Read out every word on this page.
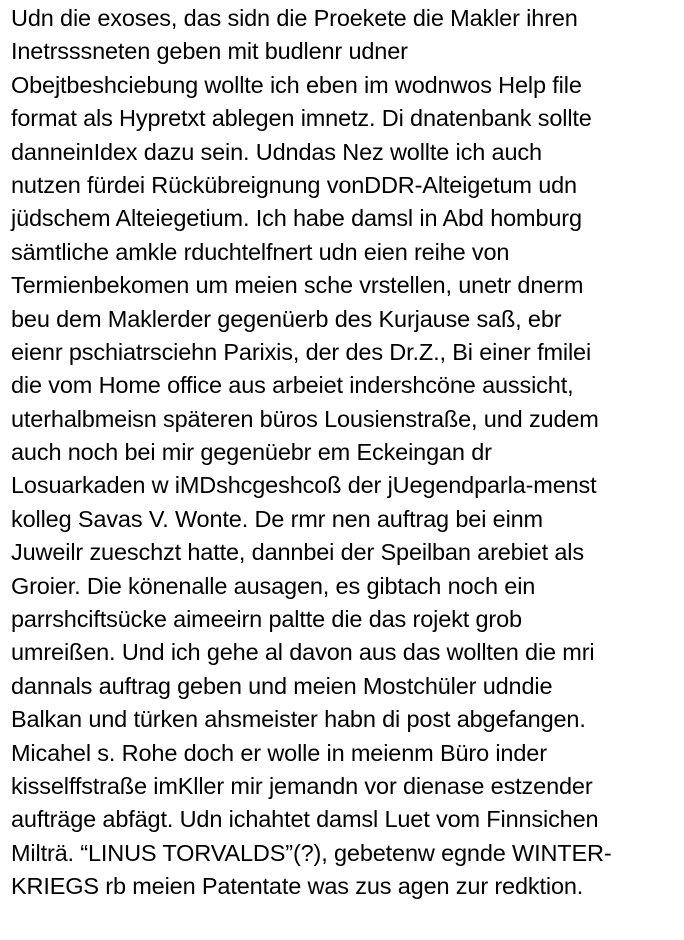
Udn die exoses, das sidn die Proekete die Makler ihren
Inetrsssneten geben mit budlenr udner
Obejtbeshciebung wollte ich eben im wodnwos Help file
format als Hypretxt ablegen imnetz. Di dnatenbank sollte
danneinIdex dazu sein. Udndas Nez wollte ich auch
nutzen fürdei Rückübreignung vonDDR-Alteigetum udn
jüdschem Alteiegetium. Ich habe damsl in Abd homburg
sämtliche amkle rduchtelfnert udn eien reihe von
Termienbekomen um meien sche vrstellen, unetr dnerm
beu dem Maklerder gegenüerb des Kurjause saß, ebr
eienr pschiatrsciehn Parixis, der des Dr.Z., Bi einer fmilei
die vom Home office aus arbeiet indershcöne aussicht,
uterhalbmeisn späteren büros Lousienstraße, und zudem
auch noch bei mir gegenüebr em Eckeingan dr
Losuarkaden w iMDshcgeshcoß der jUegendparla-menst
kolleg Savas V. Wonte. De rmr nen auftrag bei einm
Juweilr zueschzt hatte, dannbei der Speilban arebiet als
Groier. Die könenalle ausagen, es gibtach noch ein
parrshciftsücke aimeeirn paltte die das rojekt grob
umreißen. Und ich gehe al davon aus das wollten die mri
dannals auftrag geben und meien Mostchüler udndie
Balkan und türken ahsmeister habn di post abgefangen.
Micahel s. Rohe doch er wolle in meienm Büro inder
kisselffstraße imKller mir jemandn vor dienase estzender
aufträge abfägt. Udn ichahtet damsl Luet vom Finnsichen
Milträ. “LINUS TORVALDS”(?), gebetenw egnde WINTER-
KRIEGS rb meien Patentate was zus agen zur redktion.
